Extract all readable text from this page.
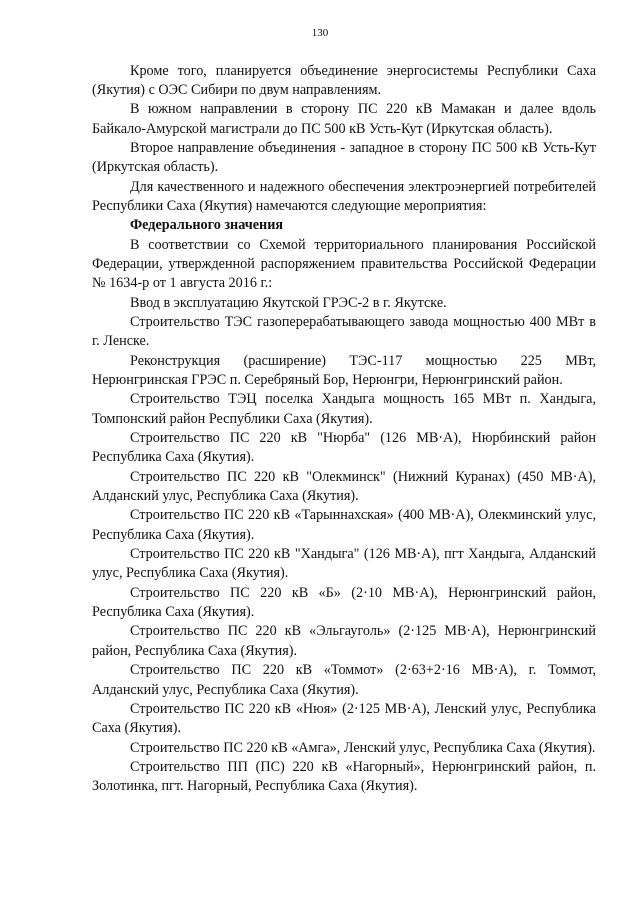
130

Кроме того, планируется объединение энергосистемы Республики Саха (Якутия) с ОЭС Сибири по двум направлениям.

В южном направлении в сторону ПС 220 кВ Мамакан и далее вдоль Байкало-Амурской магистрали до ПС 500 кВ Усть-Кут (Иркутская область).

Второе направление объединения - западное в сторону ПС 500 кВ Усть-Кут (Иркутская область).

Для качественного и надежного обеспечения электроэнергией потребителей Республики Саха (Якутия) намечаются следующие мероприятия:

Федерального значения

В соответствии со Схемой территориального планирования Российской Федерации, утвержденной распоряжением правительства Российской Федерации № 1634-р от 1 августа 2016 г.:

Ввод в эксплуатацию Якутской ГРЭС-2 в г. Якутске.

Строительство ТЭС газоперерабатывающего завода мощностью 400 МВт в г. Ленске.

Реконструкция (расширение) ТЭС-117 мощностью 225 МВт, Нерюнгринская ГРЭС п. Серебряный Бор, Нерюнгри, Нерюнгринский район.

Строительство ТЭЦ поселка Хандыга мощность 165 МВт п. Хандыга, Томпонский район Республики Саха (Якутия).

Строительство ПС 220 кВ "Нюрба" (126 МВ·А), Нюрбинский район Республика Саха (Якутия).

Строительство ПС 220 кВ "Олекминск" (Нижний Куранах) (450 МВ·А), Алданский улус, Республика Саха (Якутия).

Строительство ПС 220 кВ «Тарыннахская» (400 МВ·А), Олекминский улус, Республика Саха (Якутия).

Строительство ПС 220 кВ "Хандыга" (126 МВ·А), пгт Хандыга, Алданский улус, Республика Саха (Якутия).

Строительство ПС 220 кВ «Б» (2·10 МВ·А), Нерюнгринский район, Республика Саха (Якутия).

Строительство ПС 220 кВ «Эльгауголь» (2·125 МВ·А), Нерюнгринский район, Республика Саха (Якутия).

Строительство ПС 220 кВ «Томмот» (2·63+2·16 МВ·А), г. Томмот, Алданский улус, Республика Саха (Якутия).

Строительство ПС 220 кВ «Нюя» (2·125 МВ·А), Ленский улус, Республика Саха (Якутия).

Строительство ПС 220 кВ «Амга», Ленский улус, Республика Саха (Якутия).

Строительство ПП (ПС) 220 кВ «Нагорный», Нерюнгринский район, п. Золотинка, пгт. Нагорный, Республика Саха (Якутия).
